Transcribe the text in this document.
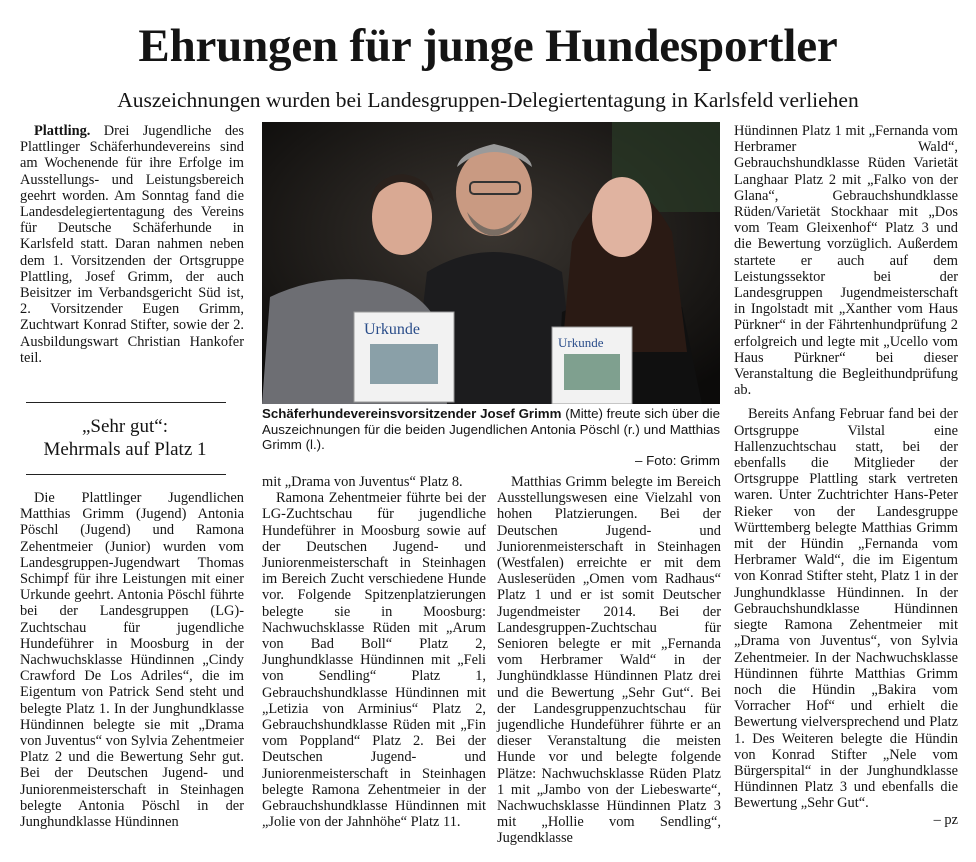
Ehrungen für junge Hundesportler
Auszeichnungen wurden bei Landesgruppen-Delegiertentagung in Karlsfeld verliehen

Plattling. Drei Jugendliche des Plattlinger Schäferhundevereins sind am Wochenende für ihre Erfolge im Ausstellungs- und Leistungsbereich geehrt worden. Am Sonntag fand die Landesdelegiertentagung des Vereins für Deutsche Schäferhunde in Karlsfeld statt. Daran nahmen neben dem 1. Vorsitzenden der Ortsgruppe Plattling, Josef Grimm, der auch Beisitzer im Verbandsgericht Süd ist, 2. Vorsitzender Eugen Grimm, Zuchtwart Konrad Stifter, sowie der 2. Ausbildungswart Christian Hankofer teil.

„Sehr gut“:
Mehrmals auf Platz 1

Die Plattlinger Jugendlichen Matthias Grimm (Jugend) Antonia Pöschl (Jugend) und Ramona Zehentmeier (Junior) wurden vom Landesgruppen-Jugendwart Thomas Schimpf für ihre Leistungen mit einer Urkunde geehrt. Antonia Pöschl führte bei der Landesgruppen (LG)-Zuchtschau für jugendliche Hundeführer in Moosburg in der Nachwuchsklasse Hündinnen „Cindy Crawford De Los Adriles“, die im Eigentum von Patrick Send steht und belegte Platz 1. In der Junghundklasse Hündinnen belegte sie mit „Drama von Juventus“ von Sylvia Zehentmeier Platz 2 und die Bewertung Sehr gut. Bei der Deutschen Jugend- und Juniorenmeisterschaft in Steinhagen belegte Antonia Pöschl in der Junghundklasse Hündinnen

Urkunde
Urkunde
Schäferhundevereinsvorsitzender Josef Grimm (Mitte) freute sich über die Auszeichnungen für die beiden Jugendlichen Antonia Pöschl (r.) und Matthias Grimm (l.).
– Foto: Grimm

mit „Drama von Juventus“ Platz 8.

Ramona Zehentmeier führte bei der LG-Zuchtschau für jugendliche Hundeführer in Moosburg sowie auf der Deutschen Jugend- und Juniorenmeisterschaft in Steinhagen im Bereich Zucht verschiedene Hunde vor. Folgende Spitzenplatzierungen belegte sie in Moosburg: Nachwuchsklasse Rüden mit „Arum von Bad Boll“ Platz 2, Junghundklasse Hündinnen mit „Feli von Sendling“ Platz 1, Gebrauchshundklasse Hündinnen mit „Letizia von Arminius“ Platz 2, Gebrauchshundklasse Rüden mit „Fin vom Poppland“ Platz 2. Bei der Deutschen Jugend- und Juniorenmeisterschaft in Steinhagen belegte Ramona Zehentmeier in der Gebrauchshundklasse Hündinnen mit „Jolie von der Jahnhöhe“ Platz 11.

Matthias Grimm belegte im Bereich Ausstellungswesen eine Vielzahl von hohen Platzierungen. Bei der Deutschen Jugend- und Juniorenmeisterschaft in Steinhagen (Westfalen) erreichte er mit dem Ausleserüden „Omen vom Radhaus“ Platz 1 und er ist somit Deutscher Jugendmeister 2014. Bei der Landesgruppen-Zuchtschau für Senioren belegte er mit „Fernanda vom Herbramer Wald“ in der Junghündklasse Hündinnen Platz drei und die Bewertung „Sehr Gut“. Bei der Landesgruppenzuchtschau für jugendliche Hundeführer führte er an dieser Veranstaltung die meisten Hunde vor und belegte folgende Plätze: Nachwuchsklasse Rüden Platz 1 mit „Jambo von der Liebeswarte“, Nachwuchsklasse Hündinnen Platz 3 mit „Hollie vom Sendling“, Jugendklasse

Hündinnen Platz 1 mit „Fernanda vom Herbramer Wald“, Gebrauchshundklasse Rüden Varietät Langhaar Platz 2 mit „Falko von der Glana“, Gebrauchshundklasse Rüden/Varietät Stockhaar mit „Dos vom Team Gleixenhof“ Platz 3 und die Bewertung vorzüglich. Außerdem startete er auch auf dem Leistungssektor bei der Landesgruppen Jugendmeisterschaft in Ingolstadt mit „Xanther vom Haus Pürkner“ in der Fährtenhundprüfung 2 erfolgreich und legte mit „Ucello vom Haus Pürkner“ bei dieser Veranstaltung die Begleithundprüfung ab.

Bereits Anfang Februar fand bei der Ortsgruppe Vilstal eine Hallenzuchtschau statt, bei der ebenfalls die Mitglieder der Ortsgruppe Plattling stark vertreten waren. Unter Zuchtrichter Hans-Peter Rieker von der Landesgruppe Württemberg belegte Matthias Grimm mit der Hündin „Fernanda vom Herbramer Wald“, die im Eigentum von Konrad Stifter steht, Platz 1 in der Junghundklasse Hündinnen. In der Gebrauchshundklasse Hündinnen siegte Ramona Zehentmeier mit „Drama von Juventus“, von Sylvia Zehentmeier. In der Nachwuchsklasse Hündinnen führte Matthias Grimm noch die Hündin „Bakira vom Vorracher Hof“ und erhielt die Bewertung vielversprechend und Platz 1. Des Weiteren belegte die Hündin von Konrad Stifter „Nele vom Bürgerspital“ in der Junghundklasse Hündinnen Platz 3 und ebenfalls die Bewertung „Sehr Gut“.

– pz
